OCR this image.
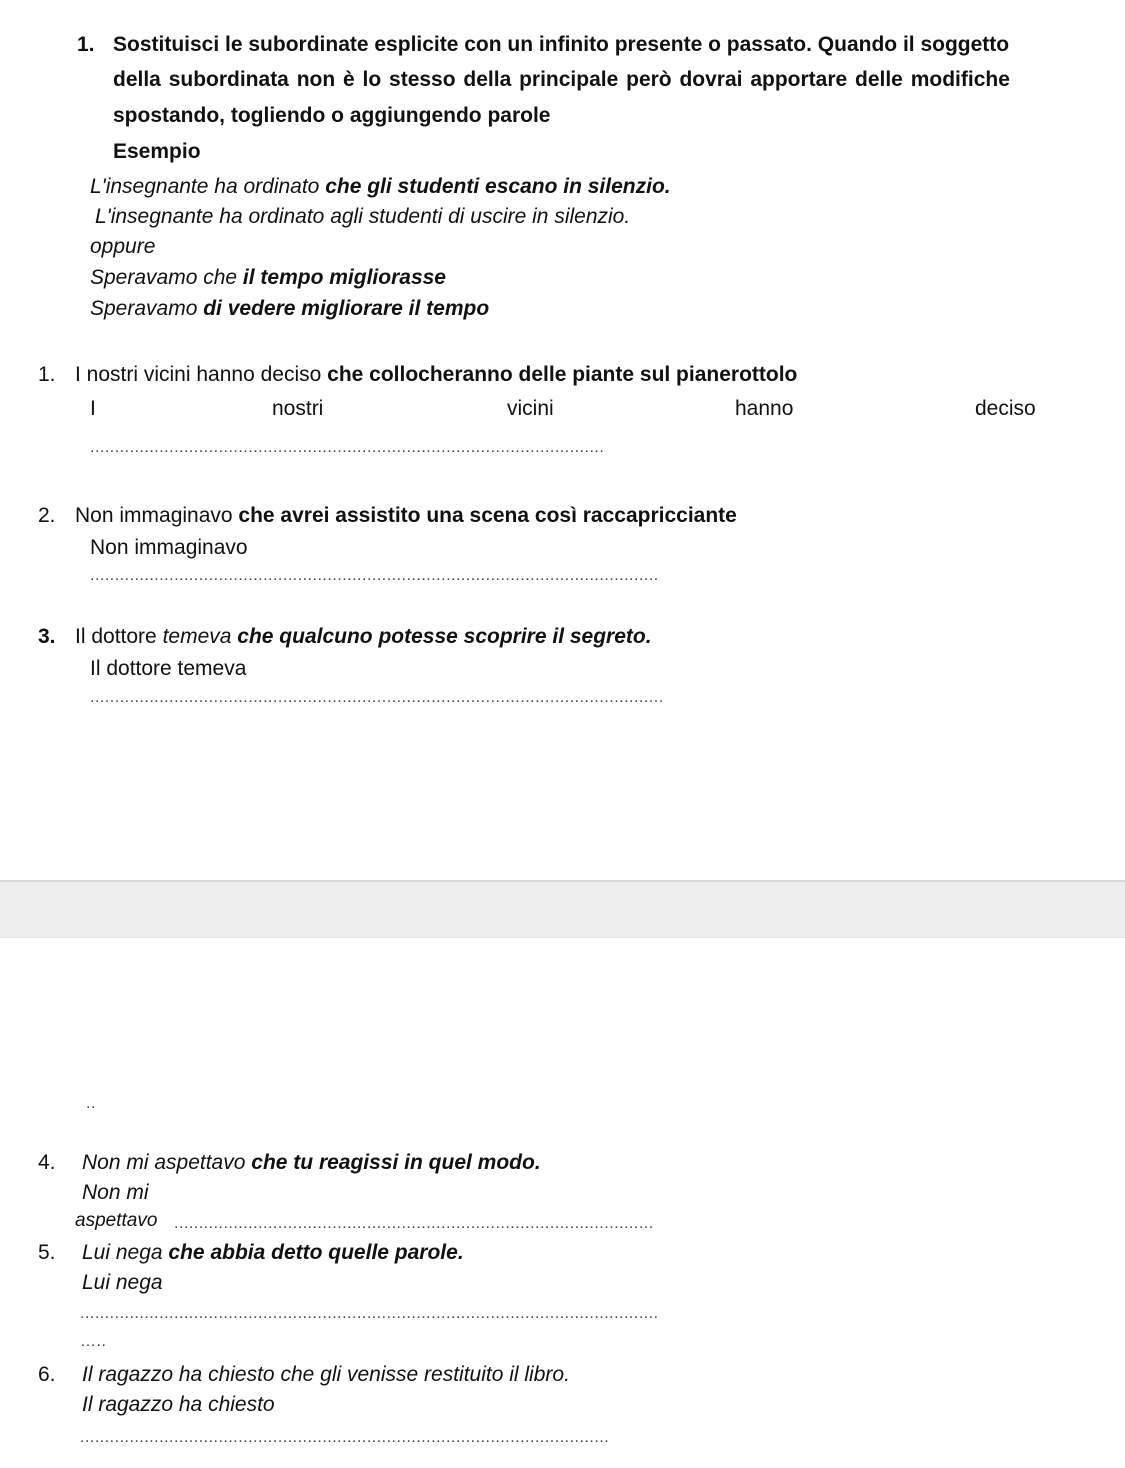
1. Sostituisci le subordinate esplicite con un infinito presente o passato. Quando il soggetto
della subordinata non è lo stesso della principale però dovrai apportare delle modifiche
spostando, togliendo o aggiungendo parole
Esempio
L'insegnante ha ordinato che gli studenti escano in silenzio.
L'insegnante ha ordinato agli studenti di uscire in silenzio.
oppure
Speravamo che il tempo migliorasse
Speravamo di vedere migliorare il tempo
1. I nostri vicini hanno deciso che collocheranno delle piante sul pianerottolo
I	nostri	vicini	hanno	deciso
........................................................................................................
2. Non immaginavo che avrei assistito una scena così raccapricciante
Non immaginavo
...................................................................................................................
3. Il dottore temeva che qualcuno potesse scoprire il segreto.
Il dottore temeva
....................................................................................................................
..
4. Non mi aspettavo che tu reagissi in quel modo.
Non mi
aspettavo .................................................................................................
5. Lui nega che abbia detto quelle parole.
Lui nega
.....................................................................................................................
…..
6. Il ragazzo ha chiesto che gli venisse restituito il libro.
Il ragazzo ha chiesto
...........................................................................................................
